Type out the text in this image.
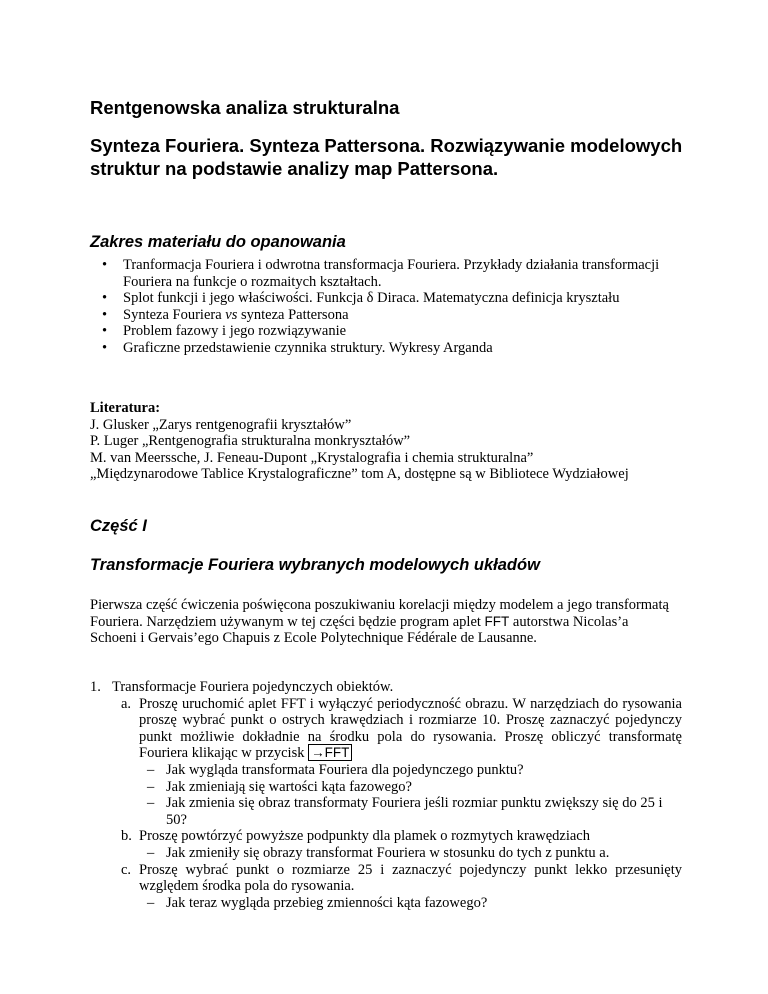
Rentgenowska analiza strukturalna
Synteza Fouriera. Synteza Pattersona. Rozwiązywanie modelowych struktur na podstawie analizy map Pattersona.
Zakres materiału do opanowania
• Tranformacja Fouriera i odwrotna transformacja Fouriera. Przykłady działania transformacji Fouriera na funkcje o rozmaitych kształtach.
• Splot funkcji i jego właściwości. Funkcja δ Diraca. Matematyczna definicja kryształu
• Synteza Fouriera vs synteza Pattersona
• Problem fazowy i jego rozwiązywanie
• Graficzne przedstawienie czynnika struktury. Wykresy Arganda
Literatura:
J. Glusker „Zarys rentgenografii kryształów”
P. Luger „Rentgenografia strukturalna monkryształów”
M. van Meerssche, J. Feneau-Dupont „Krystalografia i chemia strukturalna”
„Międzynarodowe Tablice Krystalograficzne” tom A, dostępne są w Bibliotece Wydziałowej
Część I
Transformacje Fouriera wybranych modelowych układów
Pierwsza część ćwiczenia poświęcona poszukiwaniu korelacji między modelem a jego transformatą Fouriera. Narzędziem używanym w tej części będzie program aplet FFT autorstwa Nicolas’a Schoeni i Gervais’ego Chapuis z Ecole Polytechnique Fédérale de Lausanne.
1. Transformacje Fouriera pojedynczych obiektów.
a. Proszę uruchomić aplet FFT i wyłączyć periodyczność obrazu. W narzędziach do rysowania proszę wybrać punkt o ostrych krawędziach i rozmiarze 10. Proszę zaznaczyć pojedynczy punkt możliwie dokładnie na środku pola do rysowania. Proszę obliczyć transformatę Fouriera klikając w przycisk →FFT
– Jak wygląda transformata Fouriera dla pojedynczego punktu?
– Jak zmieniają się wartości kąta fazowego?
– Jak zmienia się obraz transformaty Fouriera jeśli rozmiar punktu zwiększy się do 25 i 50?
b. Proszę powtórzyć powyższe podpunkty dla plamek o rozmytych krawędziach
– Jak zmieniły się obrazy transformat Fouriera w stosunku do tych z punktu a.
c. Proszę wybrać punkt o rozmiarze 25 i zaznaczyć pojedynczy punkt lekko przesunięty względem środka pola do rysowania.
– Jak teraz wygląda przebieg zmienności kąta fazowego?
